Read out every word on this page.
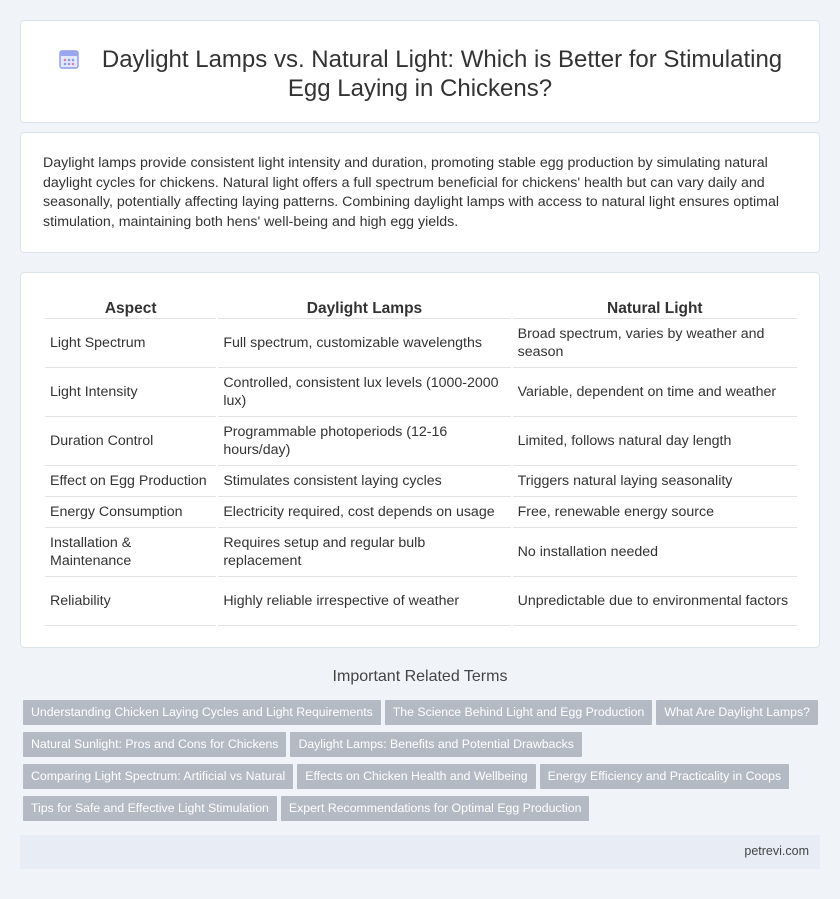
Daylight Lamps vs. Natural Light: Which is Better for Stimulating
Egg Laying in Chickens?

Daylight lamps provide consistent light intensity and duration, promoting stable egg production by simulating natural daylight cycles for chickens. Natural light offers a full spectrum beneficial for chickens' health but can vary daily and seasonally, potentially affecting laying patterns. Combining daylight lamps with access to natural light ensures optimal stimulation, maintaining both hens' well-being and high egg yields.

Aspect	Daylight Lamps	Natural Light
Light Spectrum	Full spectrum, customizable wavelengths	Broad spectrum, varies by weather and season
Light Intensity	Controlled, consistent lux levels (1000-2000 lux)	Variable, dependent on time and weather
Duration Control	Programmable photoperiods (12-16 hours/day)	Limited, follows natural day length
Effect on Egg Production	Stimulates consistent laying cycles	Triggers natural laying seasonality
Energy Consumption	Electricity required, cost depends on usage	Free, renewable energy source
Installation & Maintenance	Requires setup and regular bulb replacement	No installation needed
Reliability	Highly reliable irrespective of weather	Unpredictable due to environmental factors
Important Related Terms
Understanding Chicken Laying Cycles and Light Requirements The Science Behind Light and Egg Production What Are Daylight Lamps?
Natural Sunlight: Pros and Cons for Chickens Daylight Lamps: Benefits and Potential Drawbacks
Comparing Light Spectrum: Artificial vs Natural Effects on Chicken Health and Wellbeing Energy Efficiency and Practicality in Coops
Tips for Safe and Effective Light Stimulation Expert Recommendations for Optimal Egg Production
petrevi.com
